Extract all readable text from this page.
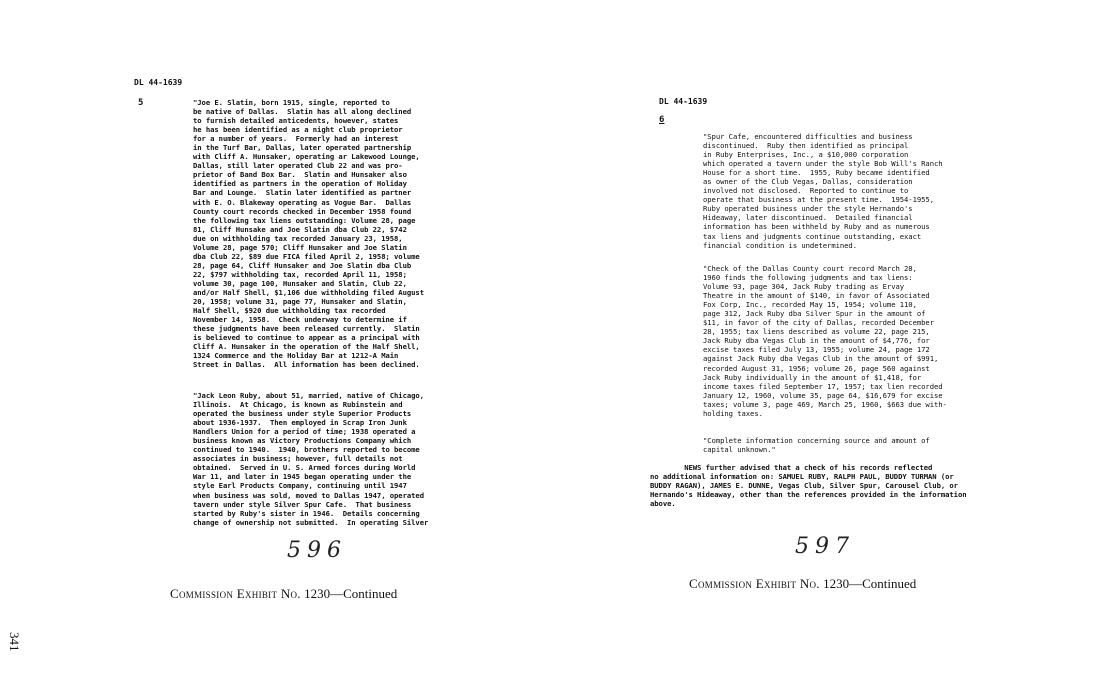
DL 44-1639
5	"Joe E. Slatin, born 1915, single, reported to
be native of Dallas.  Slatin has all along declined
to furnish detailed anticedents, however, states
he has been identified as a night club proprietor
for a number of years.  Formerly had an interest
in the Turf Bar, Dallas, later operated partnership
with Cliff A. Hunsaker, operating ar Lakewood Lounge,
Dallas, still later operated Club 22 and was pro-
prietor of Band Box Bar.  Slatin and Hunsaker also
identified as partners in the operation of Holiday
Bar and Lounge.  Slatin later identified as partner
with E. O. Blakeway operating as Vogue Bar.  Dallas
County court records checked in December 1958 found
the following tax liens outstanding: Volume 28, page
81, Cliff Hunsake and Joe Slatin dba Club 22, $742
due on withholding tax recorded January 23, 1958,
Volume 28, page 570; Cliff Hunsaker and Joe Slatin
dba Club 22, $89 due FICA filed April 2, 1958; volume
28, page 64, Cliff Hunsaker and Joe Slatin dba Club
22, $797 withholding tax, recorded April 11, 1958;
volume 30, page 100, Hunsaker and Slatin, Club 22,
and/or Half Shell, $1,106 due withholding filed August
20, 1958; volume 31, page 77, Hunsaker and Slatin,
Half Shell, $920 due withholding tax recorded
November 14, 1958.  Check underway to determine if
these judgments have been released currently.  Slatin
is believed to continue to appear as a principal with
Cliff A. Hunsaker in the operation of the Half Shell,
1324 Commerce and the Holiday Bar at 1212-A Main
Street in Dallas.  All information has been declined.
"Jack Leon Ruby, about 51, married, native of Chicago,
Illinois.  At Chicago, is known as Rubinstein and
operated the business under style Superior Products
about 1936-1937.  Then employed in Scrap Iron Junk
Handlers Union for a period of time; 1938 operated a
business known as Victory Productions Company which
continued to 1940.  1940, brothers reported to become
associates in business; however, full details not
obtained.  Served in U. S. Armed forces during World
War 11, and later in 1945 began operating under the
style Earl Products Company, continuing until 1947
when business was sold, moved to Dallas 1947, operated
tavern under style Silver Spur Cafe.  That business
started by Ruby's sister in 1946.  Details concerning
change of ownership not submitted.  In operating Silver
596
Commission Exhibit No. 1230—Continued
341
DL 44-1639
6
"Spur Cafe, encountered difficulties and business
discontinued.  Ruby then identified as principal
in Ruby Enterprises, Inc., a $10,000 corporation
which operated a tavern under the style Bob Will's Ranch
House for a short time.  1955, Ruby became identified
as owner of the Club Vegas, Dallas, consideration
involved not disclosed.  Reported to continue to
operate that business at the present time.  1954-1955,
Ruby operated business under the style Hernando's
Hideaway, later discontinued.  Detailed financial
information has been withheld by Ruby and as numerous
tax liens and judgments continue outstanding, exact
financial condition is undetermined.
"Check of the Dallas County court record March 28,
1960 finds the following judgments and tax liens:
Volume 93, page 304, Jack Ruby trading as Ervay
Theatre in the amount of $140, in favor of Associated
Fox Corp, Inc., recorded May 15, 1954; volume 110,
page 312, Jack Ruby dba Silver Spur in the amount of
$11, in favor of the city of Dallas, recorded December
28, 1955; tax liens described as volume 22, page 215,
Jack Ruby dba Vegas Club in the amount of $4,776, for
excise taxes filed July 13, 1955; volume 24, page 172
against Jack Ruby dba Vegas Club in the amount of $991,
recorded August 31, 1956; volume 26, page 560 against
Jack Ruby individually in the amount of $1,418, for
income taxes filed September 17, 1957; tax lien recorded
January 12, 1960, volume 35, page 64, $16,679 for excise
taxes; volume 3, page 469, March 25, 1960, $663 due with-
holding taxes.
"Complete information concerning source and amount of
capital unknown."
NEWS further advised that a check of his records reflected
no additional information on: SAMUEL RUBY, RALPH PAUL, BUDDY TURMAN (or
BUDDY RAGAN), JAMES E. DUNNE, Vegas Club, Silver Spur, Carousel Club, or
Hernando's Hideaway, other than the references provided in the information
above.
597
Commission Exhibit No. 1230—Continued
